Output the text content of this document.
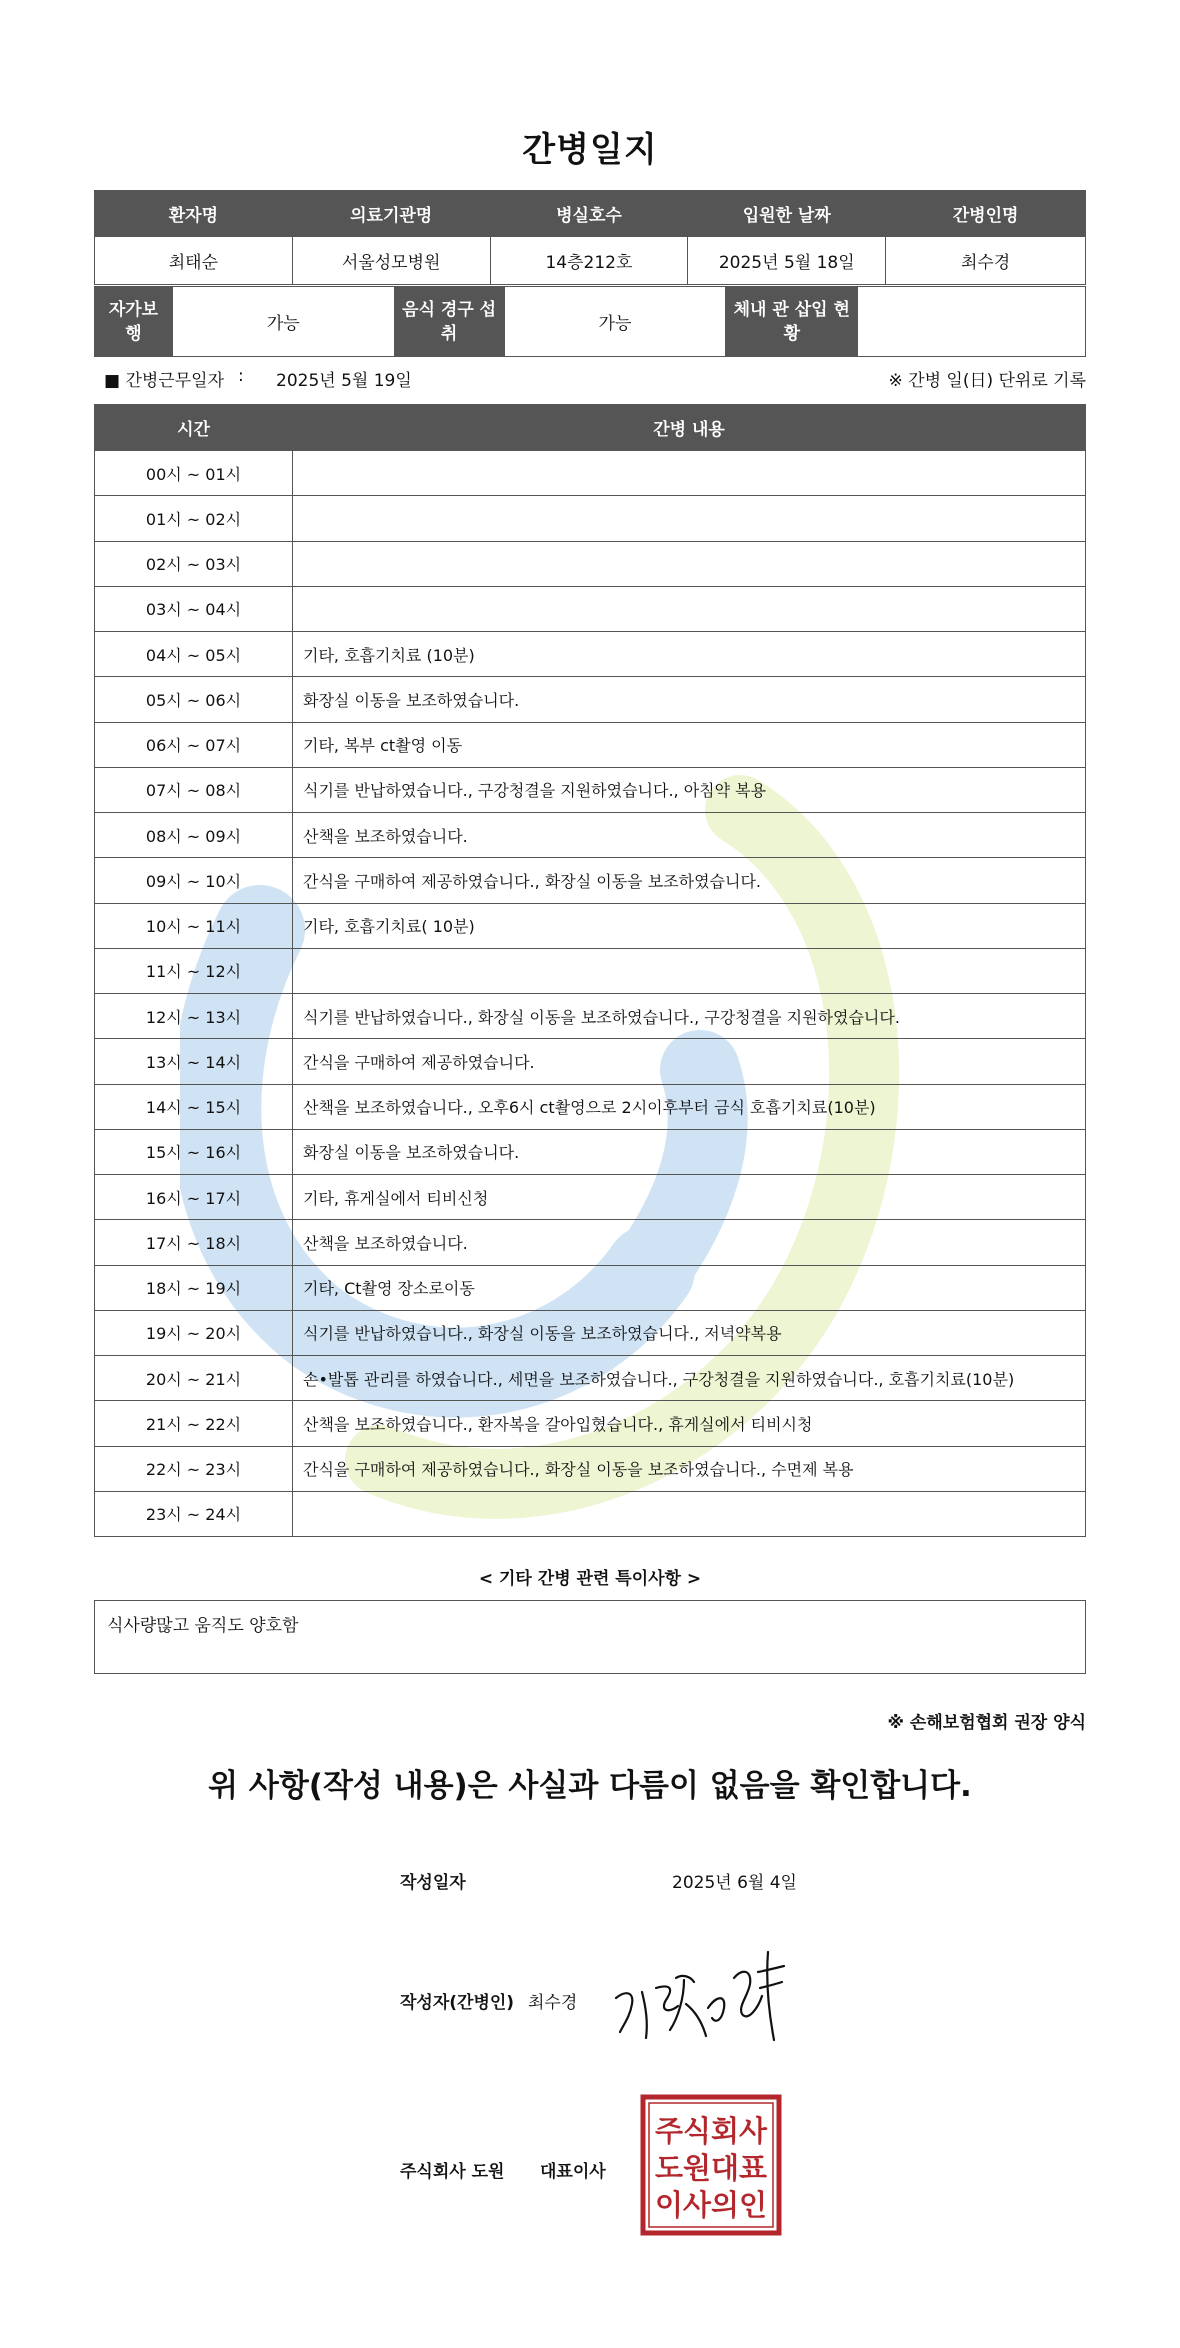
간병일지
환자명	의료기관명	병실호수	입원한 날짜	간병인명
최태순	서울성모병원	14층212호	2025년 5월 18일	최수경
자가보행	가능	음식 경구 섭취	가능	체내 관 삽입 현황	
■ 간병근무일자 : 2025년 5월 19일	※ 간병 일(日) 단위로 기록
시간	간병 내용
00시 ~ 01시	
01시 ~ 02시	
02시 ~ 03시	
03시 ~ 04시	
04시 ~ 05시	기타, 호흡기치료 (10분)
05시 ~ 06시	화장실 이동을 보조하였습니다.
06시 ~ 07시	기타, 복부 ct촬영 이동
07시 ~ 08시	식기를 반납하였습니다., 구강청결을 지원하였습니다., 아침약 복용
08시 ~ 09시	산책을 보조하였습니다.
09시 ~ 10시	간식을 구매하여 제공하였습니다., 화장실 이동을 보조하였습니다.
10시 ~ 11시	기타, 호흡기치료( 10분)
11시 ~ 12시	
12시 ~ 13시	식기를 반납하였습니다., 화장실 이동을 보조하였습니다., 구강청결을 지원하였습니다.
13시 ~ 14시	간식을 구매하여 제공하였습니다.
14시 ~ 15시	산책을 보조하였습니다., 오후6시 ct촬영으로 2시이후부터 금식 호흡기치료(10분)
15시 ~ 16시	화장실 이동을 보조하였습니다.
16시 ~ 17시	기타, 휴게실에서 티비신청
17시 ~ 18시	산책을 보조하였습니다.
18시 ~ 19시	기타, Ct촬영 장소로이동
19시 ~ 20시	식기를 반납하였습니다., 화장실 이동을 보조하였습니다., 저녁약복용
20시 ~ 21시	손•발톱 관리를 하였습니다., 세면을 보조하였습니다., 구강청결을 지원하였습니다., 호흡기치료(10분)
21시 ~ 22시	산책을 보조하였습니다., 환자복을 갈아입혔습니다., 휴게실에서 티비시청
22시 ~ 23시	간식을 구매하여 제공하였습니다., 화장실 이동을 보조하였습니다., 수면제 복용
23시 ~ 24시	
< 기타 간병 관련 특이사항 >
식사량많고 움직도 양호함
※ 손해보험협회 권장 양식
위 사항(작성 내용)은 사실과 다름이 없음을 확인합니다.
작성일자	2025년 6월 4일
작성자(간병인) 최수경
주식회사 도원 대표이사
주식회사
도원대표
이사의인
